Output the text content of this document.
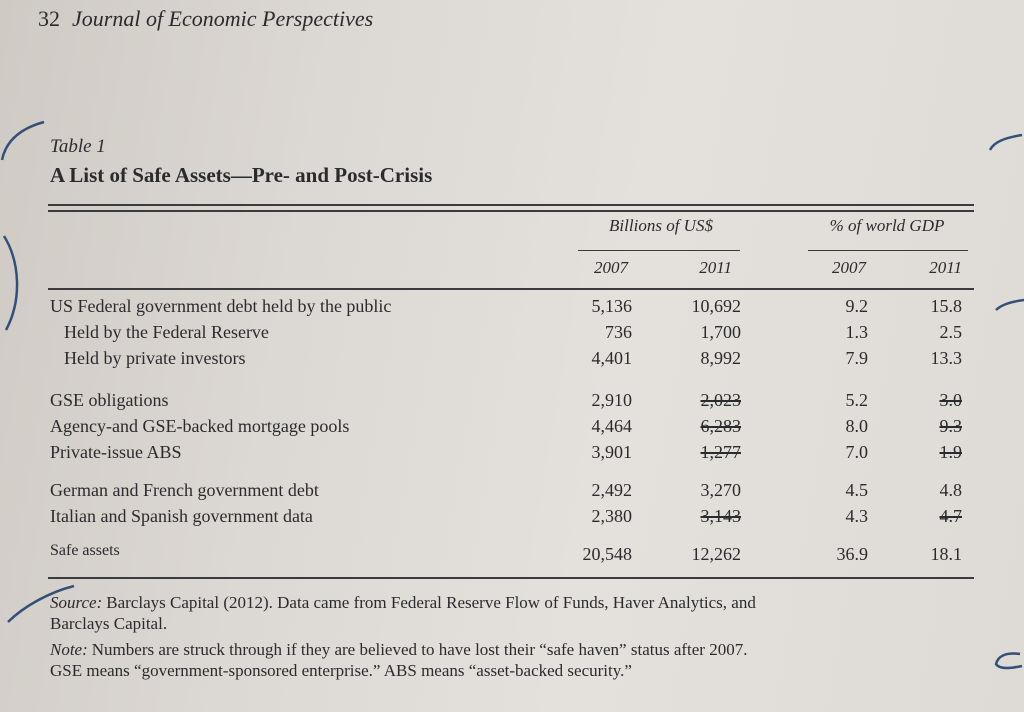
32 Journal of Economic Perspectives
Table 1
A List of Safe Assets—Pre- and Post-Crisis
Billions of US$	% of world GDP
2007	2011	2007	2011
US Federal government debt held by the public	5,136	10,692	9.2	15.8
Held by the Federal Reserve	736	1,700	1.3	2.5
Held by private investors	4,401	8,992	7.9	13.3
GSE obligations	2,910	2,023	5.2	3.0
Agency-and GSE-backed mortgage pools	4,464	6,283	8.0	9.3
Private-issue ABS	3,901	1,277	7.0	1.9
German and French government debt	2,492	3,270	4.5	4.8
Italian and Spanish government data	2,380	3,143	4.3	4.7
Safe assets	20,548	12,262	36.9	18.1
Source: Barclays Capital (2012). Data came from Federal Reserve Flow of Funds, Haver Analytics, and
Barclays Capital.
Note: Numbers are struck through if they are believed to have lost their “safe haven” status after 2007.
GSE means “government-sponsored enterprise.” ABS means “asset-backed security.”
